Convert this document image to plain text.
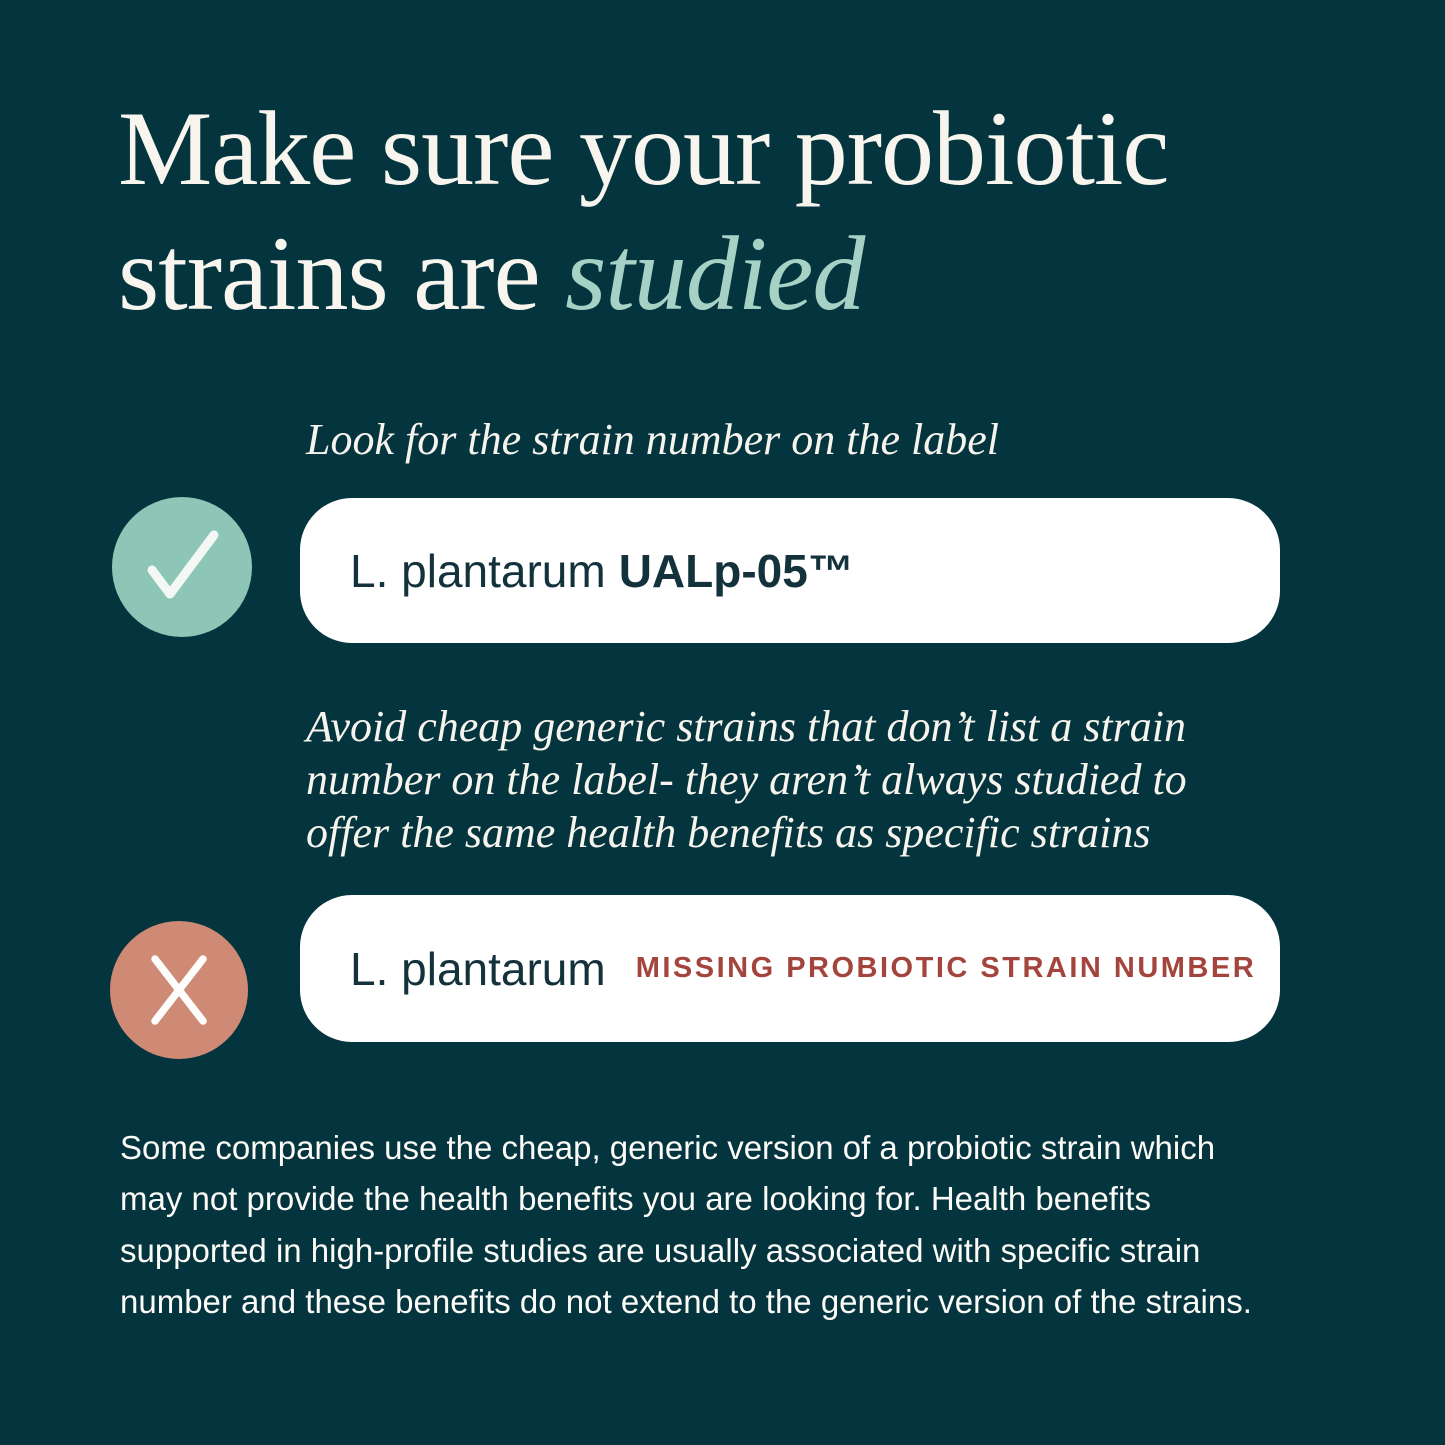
Make sure your probiotic
strains are studied

Look for the strain number on the label

L. plantarum UALp-05™

Avoid cheap generic strains that don’t list a strain
number on the label- they aren’t always studied to
offer the same health benefits as specific strains

L. plantarum MISSING PROBIOTIC STRAIN NUMBER

Some companies use the cheap, generic version of a probiotic strain which
may not provide the health benefits you are looking for. Health benefits
supported in high-profile studies are usually associated with specific strain
number and these benefits do not extend to the generic version of the strains.
